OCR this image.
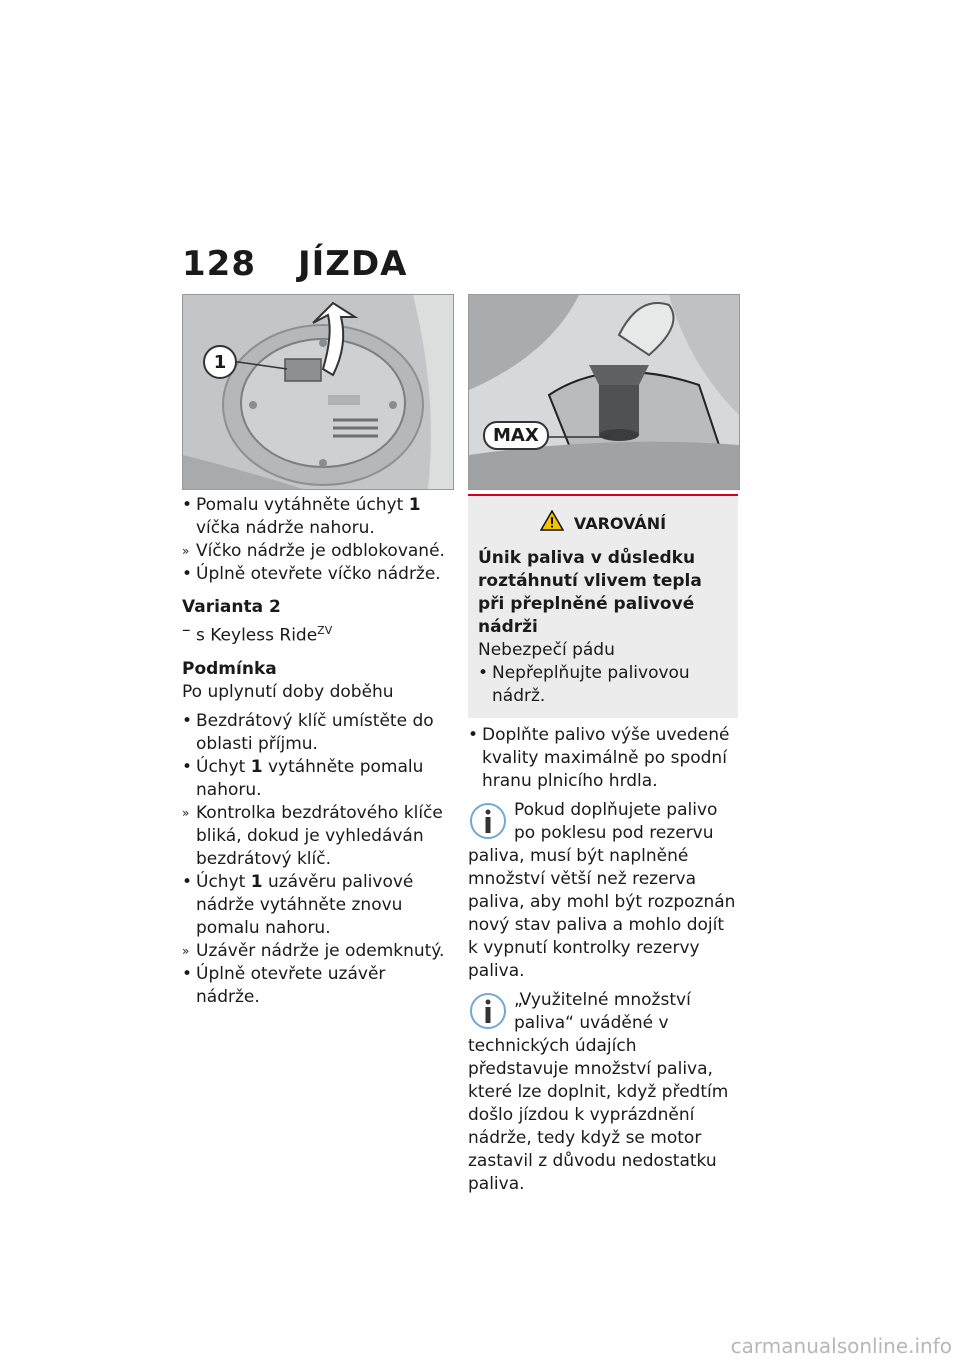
128 JÍZDA
1
MAX
• Pomalu vytáhněte úchyt 1 víčka nádrže nahoru.
» Víčko nádrže je odblokované.
• Úplně otevřete víčko nádrže.
Varianta 2
– s Keyless Ride$^{ZV}$
Podmínka
Po uplynutí doby doběhu
• Bezdrátový klíč umístěte do oblasti příjmu.
• Úchyt 1 vytáhněte pomalu nahoru.
» Kontrolka bezdrátového klíče bliká, dokud je vyhledáván bezdrátový klíč.
• Úchyt 1 uzávěru palivové nádrže vytáhněte znovu pomalu nahoru.
» Uzávěr nádrže je odemknutý.
• Úplně otevřete uzávěr nádrže.
VAROVÁNÍ
Únik paliva v důsledku roztáhnutí vlivem tepla při přeplněné palivové nádrži
Nebezpečí pádu
• Nepřeplňujte palivovou nádrž.
• Doplňte palivo výše uvedené kvality maximálně po spodní hranu plnicího hrdla.
Pokud doplňujete palivo po poklesu pod rezervu paliva, musí být naplněné množství větší než rezerva paliva, aby mohl být rozpoznán nový stav paliva a mohlo dojít k vypnutí kontrolky rezervy paliva.
„Využitelné množství paliva“ uváděné v technických údajích představuje množství paliva, které lze doplnit, když předtím došlo jízdou k vyprázdnění nádrže, tedy když se motor zastavil z důvodu nedostatku paliva.
carmanualsonline.info
